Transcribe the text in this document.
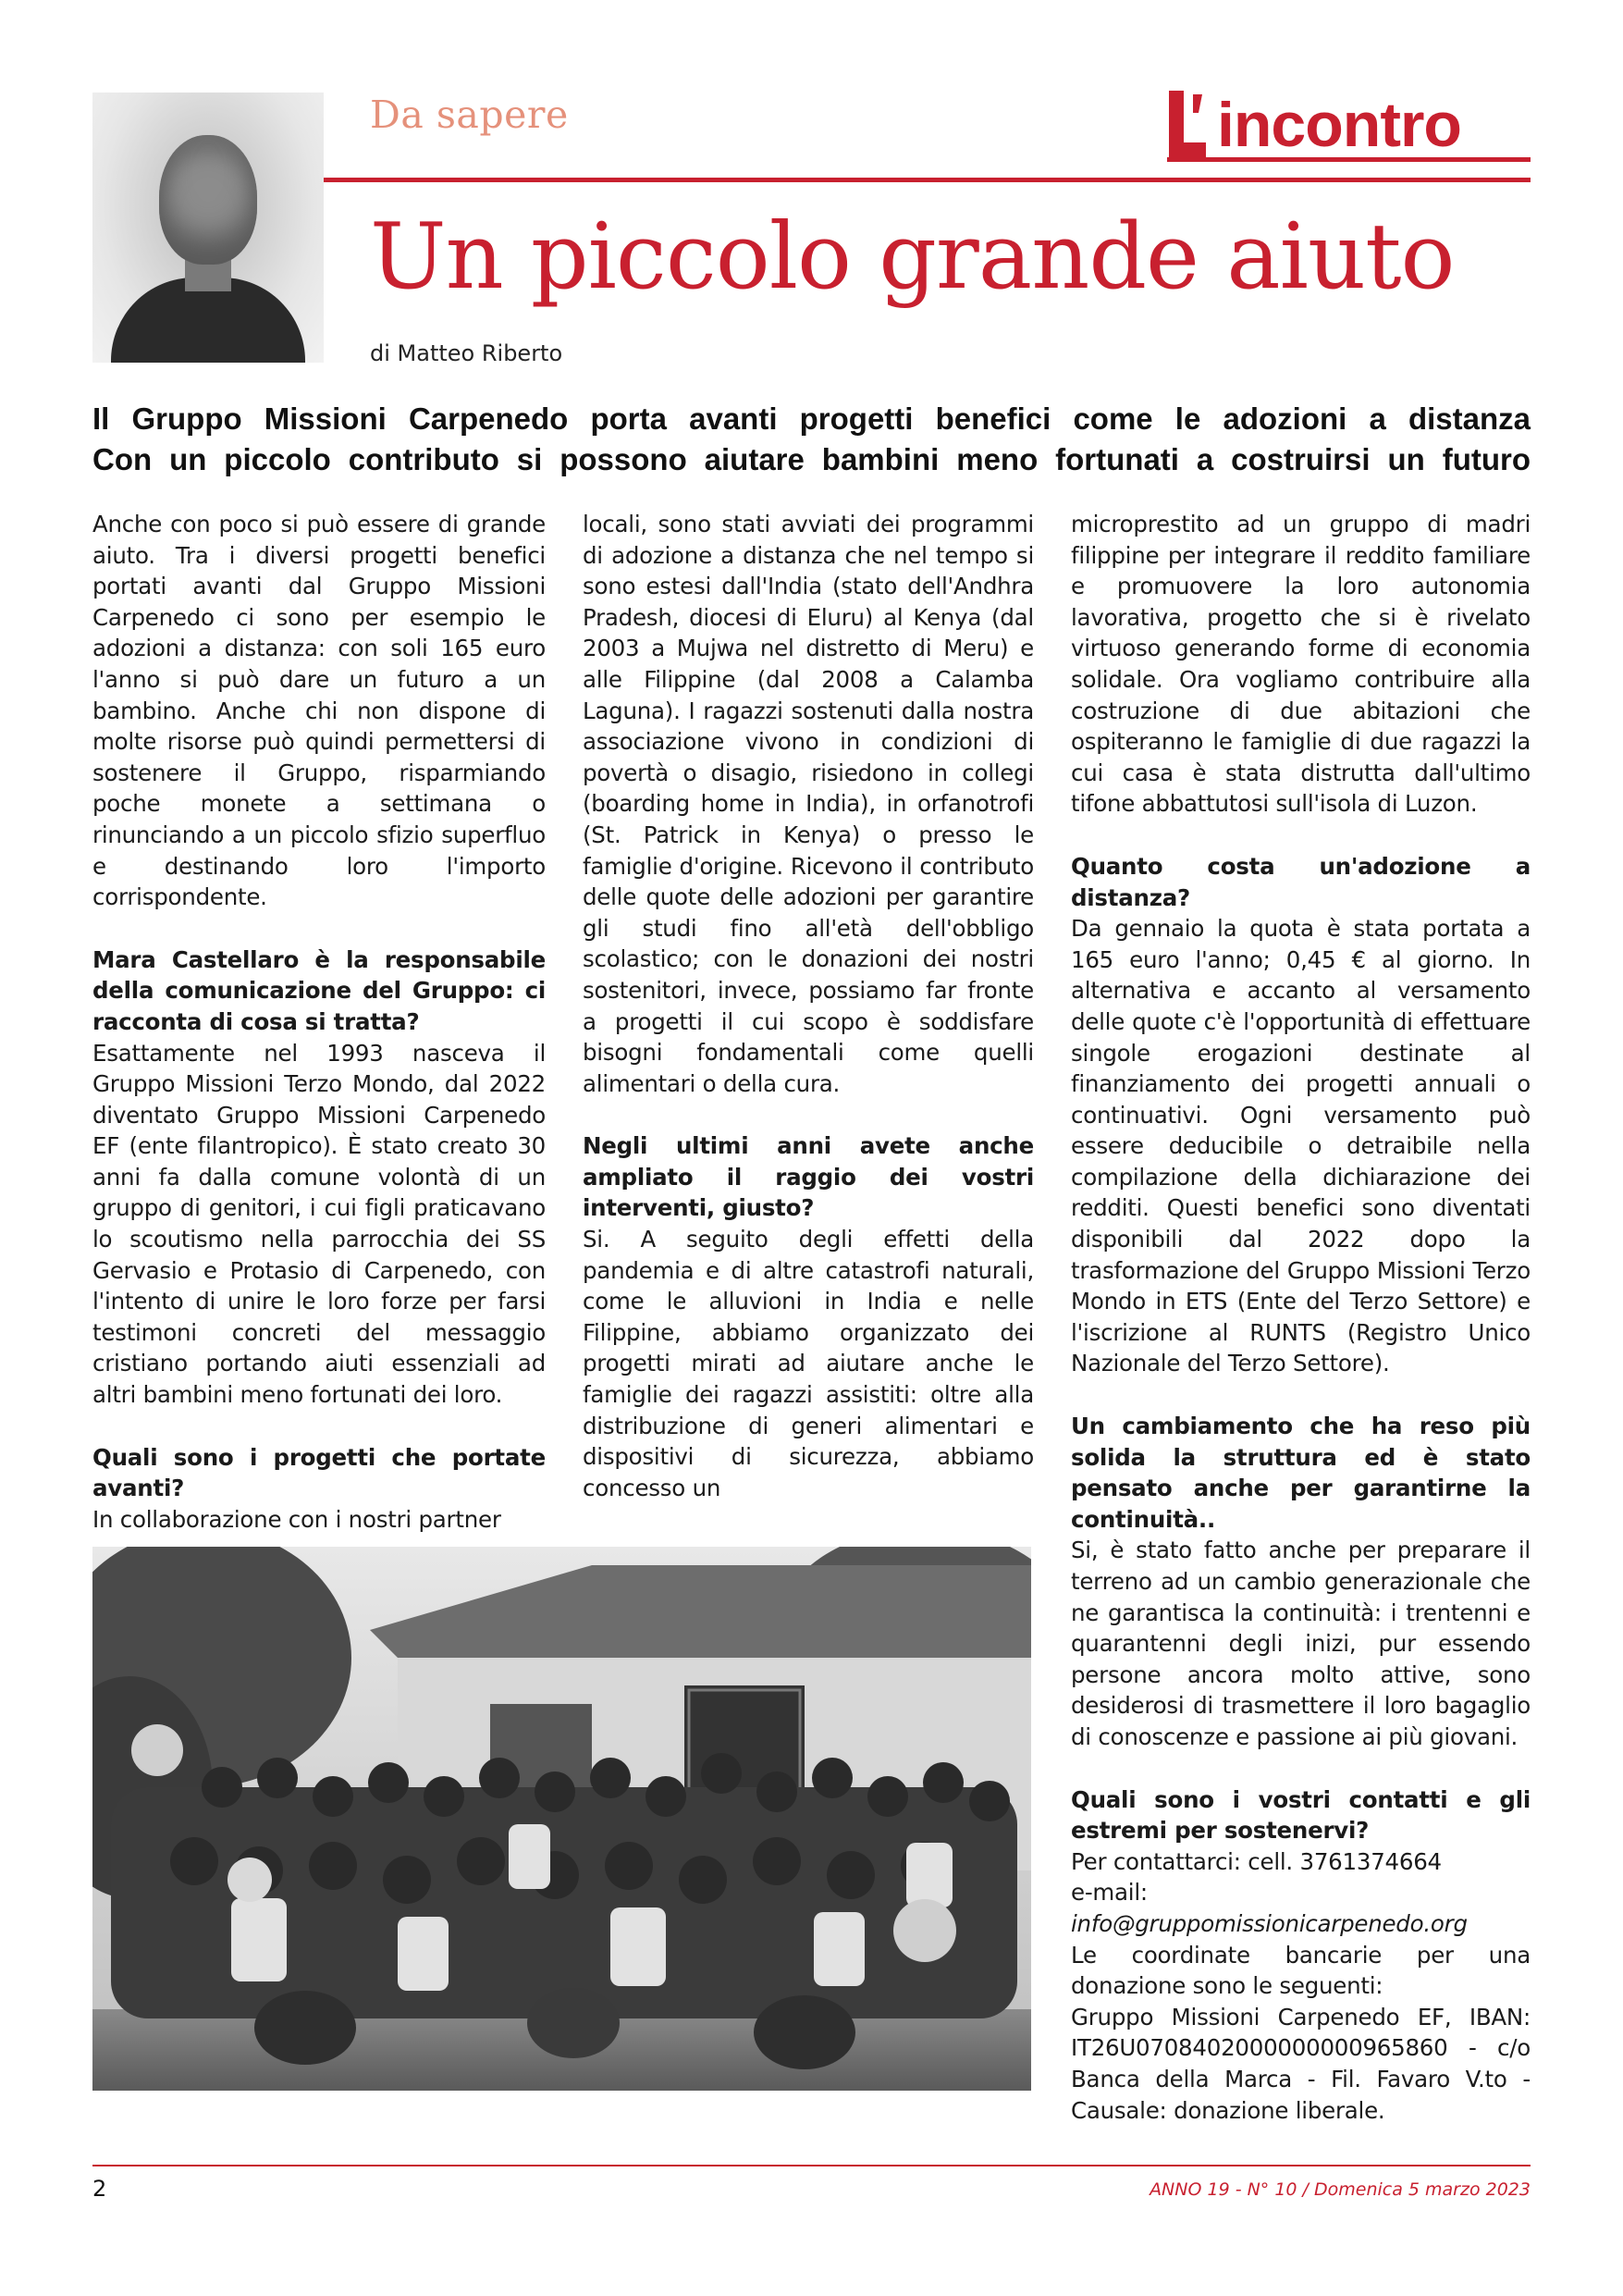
Da sapere	incontro
Un piccolo grande aiuto
di Matteo Riberto
Il Gruppo Missioni Carpenedo porta avanti progetti benefici come le adozioni a distanza
Con un piccolo contributo si possono aiutare bambini meno fortunati a costruirsi un futuro

Anche con poco si può essere di grande aiuto. Tra i diversi progetti benefici portati avanti dal Gruppo Missioni Carpenedo ci sono per esempio le adozioni a distanza: con soli 165 euro l'anno si può dare un futuro a un bambino. Anche chi non dispone di molte risorse può quindi permettersi di sostenere il Gruppo, risparmiando poche monete a settimana o rinunciando a un piccolo sfizio superfluo e destinando loro l'importo corrispondente.

Mara Castellaro è la responsabile della comunicazione del Gruppo: ci racconta di cosa si tratta?

Esattamente nel 1993 nasceva il Gruppo Missioni Terzo Mondo, dal 2022 diventato Gruppo Missioni Carpenedo EF (ente filantropico). È stato creato 30 anni fa dalla comune volontà di un gruppo di genitori, i cui figli praticavano lo scoutismo nella parrocchia dei SS Gervasio e Protasio di Carpenedo, con l'intento di unire le loro forze per farsi testimoni concreti del messaggio cristiano portando aiuti essenziali ad altri bambini meno fortunati dei loro.

Quali sono i progetti che portate avanti?

In collaborazione con i nostri partner

locali, sono stati avviati dei programmi di adozione a distanza che nel tempo si sono estesi dall'India (stato dell'Andhra Pradesh, diocesi di Eluru) al Kenya (dal 2003 a Mujwa nel distretto di Meru) e alle Filippine (dal 2008 a Calamba Laguna). I ragazzi sostenuti dalla nostra associazione vivono in condizioni di povertà o disagio, risiedono in collegi (boarding home in India), in orfanotrofi (St. Patrick in Kenya) o presso le famiglie d'origine. Ricevono il contributo delle quote delle adozioni per garantire gli studi fino all'età dell'obbligo scolastico; con le donazioni dei nostri sostenitori, invece, possiamo far fronte a progetti il cui scopo è soddisfare bisogni fondamentali come quelli alimentari o della cura.

Negli ultimi anni avete anche ampliato il raggio dei vostri interventi, giusto?

Si. A seguito degli effetti della pandemia e di altre catastrofi naturali, come le alluvioni in India e nelle Filippine, abbiamo organizzato dei progetti mirati ad aiutare anche le famiglie dei ragazzi assistiti: oltre alla distribuzione di generi alimentari e dispositivi di sicurezza, abbiamo concesso un

microprestito ad un gruppo di madri filippine per integrare il reddito familiare e promuovere la loro autonomia lavorativa, progetto che si è rivelato virtuoso generando forme di economia solidale. Ora vogliamo contribuire alla costruzione di due abitazioni che ospiteranno le famiglie di due ragazzi la cui casa è stata distrutta dall'ultimo tifone abbattutosi sull'isola di Luzon.

Quanto costa un'adozione a distanza?

Da gennaio la quota è stata portata a 165 euro l'anno; 0,45 € al giorno. In alternativa e accanto al versamento delle quote c'è l'opportunità di effettuare singole erogazioni destinate al finanziamento dei progetti annuali o continuativi. Ogni versamento può essere deducibile o detraibile nella compilazione della dichiarazione dei redditi. Questi benefici sono diventati disponibili dal 2022 dopo la trasformazione del Gruppo Missioni Terzo Mondo in ETS (Ente del Terzo Settore) e l'iscrizione al RUNTS (Registro Unico Nazionale del Terzo Settore).

Un cambiamento che ha reso più solida la struttura ed è stato pensato anche per garantirne la continuità..

Si, è stato fatto anche per preparare il terreno ad un cambio generazionale che ne garantisca la continuità: i trentenni e quarantenni degli inizi, pur essendo persone ancora molto attive, sono desiderosi di trasmettere il loro bagaglio di conoscenze e passione ai più giovani.

Quali sono i vostri contatti e gli estremi per sostenervi?

Per contattarci: cell. 3761374664

e-mail:

info@gruppomissionicarpenedo.org

Le coordinate bancarie per una donazione sono le seguenti:

Gruppo Missioni Carpenedo EF, IBAN: IT26U0708402000000000965860 - c/o Banca della Marca - Fil. Favaro V.to - Causale: donazione liberale.

2	ANNO 19 - N° 10 / Domenica 5 marzo 2023
